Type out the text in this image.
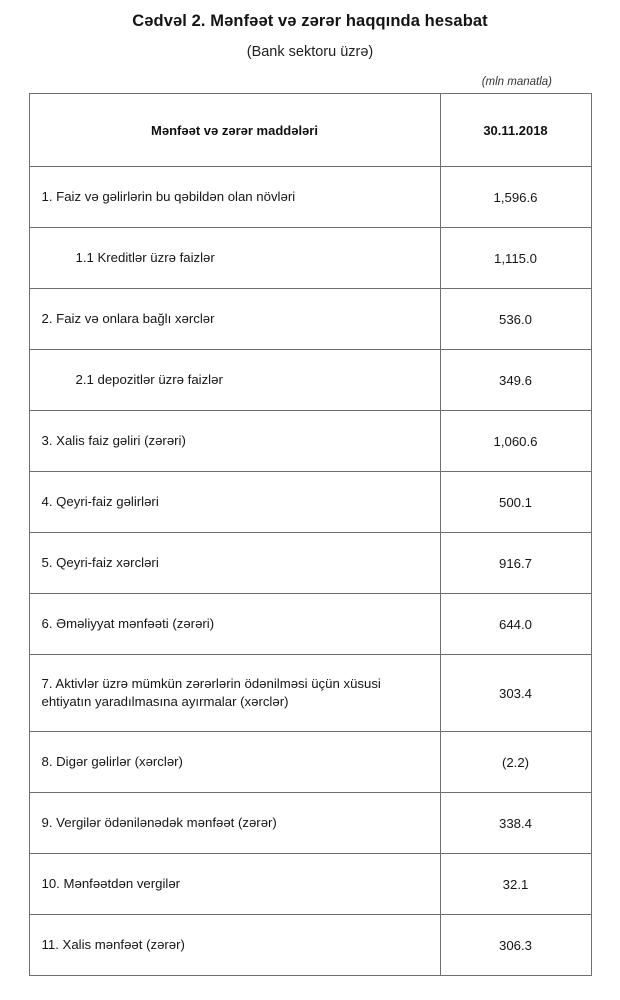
Cədvəl 2. Mənfəət və zərər haqqında hesabat
(Bank sektoru üzrə)
(mln manatla)
Mənfəət və zərər maddələri	30.11.2018
1. Faiz və gəlirlərin bu qəbildən olan növləri	1,596.6
1.1 Kreditlər üzrə faizlər	1,115.0
2. Faiz və onlara bağlı xərclər	536.0
2.1 depozitlər üzrə faizlər	349.6
3. Xalis faiz gəliri (zərəri)	1,060.6
4. Qeyri-faiz gəlirləri	500.1
5. Qeyri-faiz xərcləri	916.7
6. Əməliyyat mənfəəti (zərəri)	644.0
7. Aktivlər üzrə mümkün zərərlərin ödənilməsi üçün xüsusi ehtiyatın yaradılmasına ayırmalar (xərclər)	303.4
8. Digər gəlirlər (xərclər)	(2.2)
9. Vergilər ödənilənədək mənfəət (zərər)	338.4
10. Mənfəətdən vergilər	32.1
11. Xalis mənfəət (zərər)	306.3
